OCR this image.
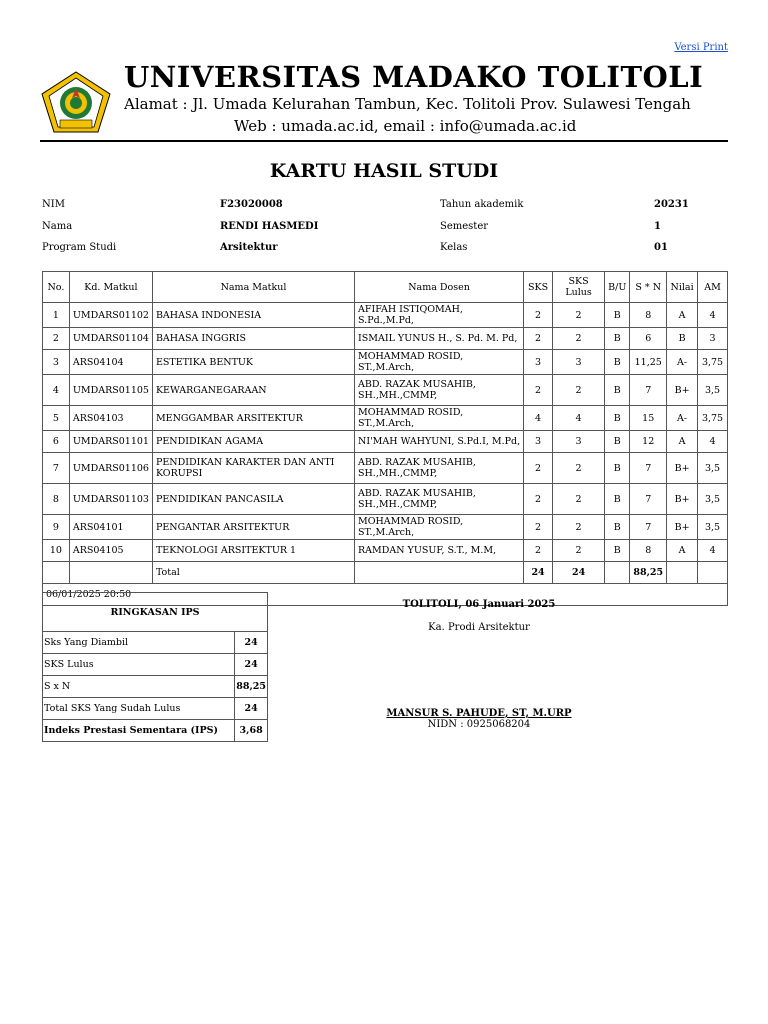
Versi Print
UNIVERSITAS MADAKO TOLITOLI
Alamat : Jl. Umada Kelurahan Tambun, Kec. Tolitoli Prov. Sulawesi Tengah
Web : umada.ac.id, email : info@umada.ac.id
KARTU HASIL STUDI
NIM	F23020008	Tahun akademik	20231
Nama	RENDI HASMEDI	Semester	1
Program Studi	Arsitektur	Kelas	01
No.	Kd. Matkul	Nama Matkul	Nama Dosen	SKS	SKS Lulus	B/U	S * N	Nilai	AM
1	UMDARS01102	BAHASA INDONESIA	AFIFAH ISTIQOMAH, S.Pd.,M.Pd,	2	2	B	8	A	4
2	UMDARS01104	BAHASA INGGRIS	ISMAIL YUNUS H., S. Pd. M. Pd,	2	2	B	6	B	3
3	ARS04104	ESTETIKA BENTUK	MOHAMMAD ROSID, ST.,M.Arch,	3	3	B	11,25	A-	3,75
4	UMDARS01105	KEWARGANEGARAAN	ABD. RAZAK MUSAHIB, SH.,MH.,CMMP,	2	2	B	7	B+	3,5
5	ARS04103	MENGGAMBAR ARSITEKTUR	MOHAMMAD ROSID, ST.,M.Arch,	4	4	B	15	A-	3,75
6	UMDARS01101	PENDIDIKAN AGAMA	NI'MAH WAHYUNI, S.Pd.I, M.Pd,	3	3	B	12	A	4
7	UMDARS01106	PENDIDIKAN KARAKTER DAN ANTI KORUPSI	ABD. RAZAK MUSAHIB, SH.,MH.,CMMP,	2	2	B	7	B+	3,5
8	UMDARS01103	PENDIDIKAN PANCASILA	ABD. RAZAK MUSAHIB, SH.,MH.,CMMP,	2	2	B	7	B+	3,5
9	ARS04101	PENGANTAR ARSITEKTUR	MOHAMMAD ROSID, ST.,M.Arch,	2	2	B	7	B+	3,5
10	ARS04105	TEKNOLOGI ARSITEKTUR 1	RAMDAN YUSUF, S.T., M.M,	2	2	B	8	A	4
		Total		24	24		88,25		
06/01/2025 20:50									
RINGKASAN IPS	
Sks Yang Diambil	24
SKS Lulus	24
S x N	88,25
Total SKS Yang Sudah Lulus	24
Indeks Prestasi Sementara (IPS)	3,68
TOLITOLI, 06 Januari 2025
Ka. Prodi Arsitektur
MANSUR S. PAHUDE, ST, M.URP
NIDN : 0925068204
